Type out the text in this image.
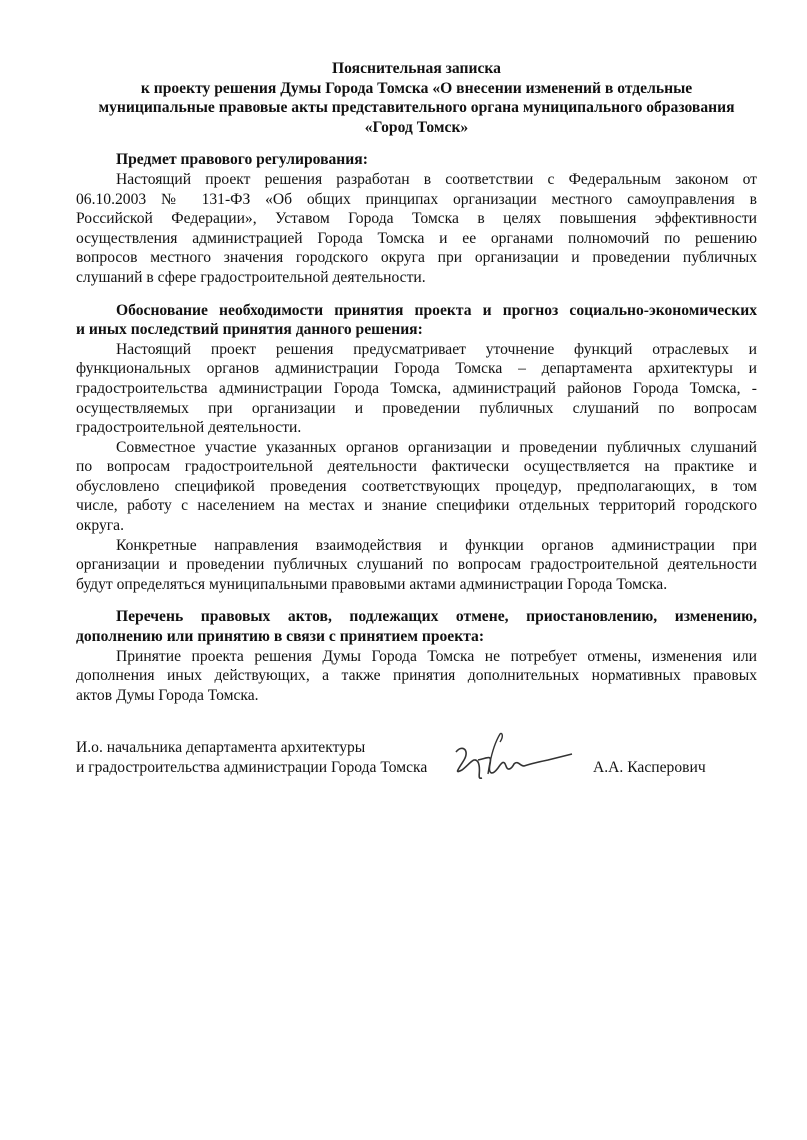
Пояснительная записка
к проекту решения Думы Города Томска «О внесении изменений в отдельные
муниципальные правовые акты представительного органа муниципального образования
«Город Томск»
Предмет правового регулирования:
Настоящий проект решения разработан в соответствии с Федеральным законом от
06.10.2003 № 131-ФЗ «Об общих принципах организации местного самоуправления в
Российской Федерации», Уставом Города Томска в целях повышения эффективности
осуществления администрацией Города Томска и ее органами полномочий по решению
вопросов местного значения городского округа при организации и проведении публичных
слушаний в сфере градостроительной деятельности.
Обоснование необходимости принятия проекта и прогноз социально-экономических
и иных последствий принятия данного решения:
Настоящий проект решения предусматривает уточнение функций отраслевых и
функциональных органов администрации Города Томска – департамента архитектуры и
градостроительства администрации Города Томска, администраций районов Города Томска, -
осуществляемых при организации и проведении публичных слушаний по вопросам
градостроительной деятельности.
Совместное участие указанных органов организации и проведении публичных слушаний
по вопросам градостроительной деятельности фактически осуществляется на практике и
обусловлено спецификой проведения соответствующих процедур, предполагающих, в том
числе, работу с населением на местах и знание специфики отдельных территорий городского
округа.
Конкретные направления взаимодействия и функции органов администрации при
организации и проведении публичных слушаний по вопросам градостроительной деятельности
будут определяться муниципальными правовыми актами администрации Города Томска.
Перечень правовых актов, подлежащих отмене, приостановлению, изменению,
дополнению или принятию в связи с принятием проекта:
Принятие проекта решения Думы Города Томска не потребует отмены, изменения или
дополнения иных действующих, а также принятия дополнительных нормативных правовых
актов Думы Города Томска.
И.о. начальника департамента архитектуры
и градостроительства администрации Города Томска	А.А. Касперович
